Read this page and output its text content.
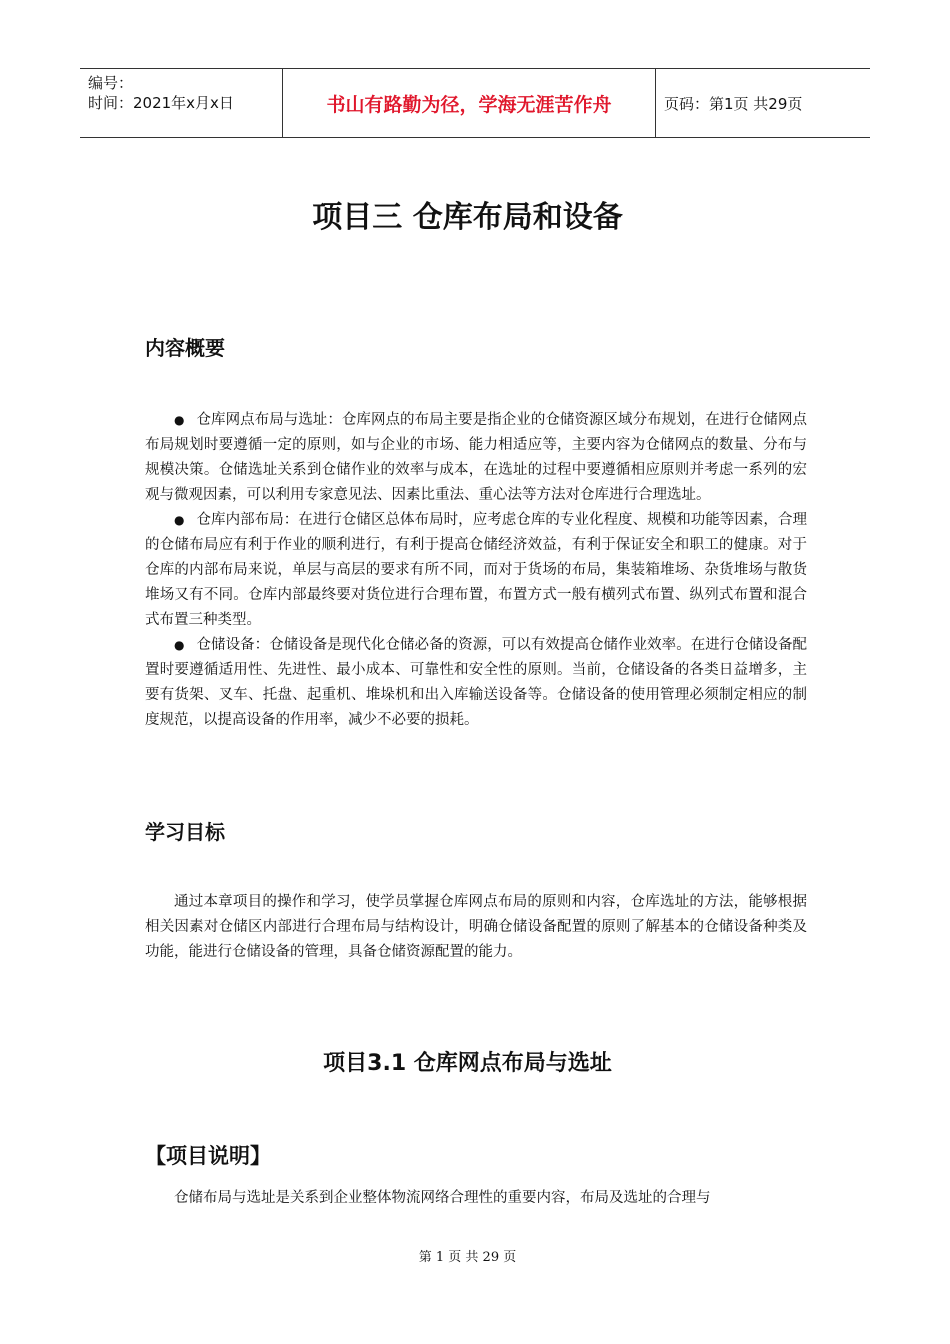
编号：
时间：2021年x月x日	书山有路勤为径，学海无涯苦作舟	页码：第1页 共29页
项目三 仓库布局和设备
内容概要

● 仓库网点布局与选址：仓库网点的布局主要是指企业的仓储资源区域分布规划，在进行仓储网点布局规划时要遵循一定的原则，如与企业的市场、能力相适应等，主要内容为仓储网点的数量、分布与规模决策。仓储选址关系到仓储作业的效率与成本，在选址的过程中要遵循相应原则并考虑一系列的宏观与微观因素，可以利用专家意见法、因素比重法、重心法等方法对仓库进行合理选址。

● 仓库内部布局：在进行仓储区总体布局时，应考虑仓库的专业化程度、规模和功能等因素，合理的仓储布局应有利于作业的顺利进行，有利于提高仓储经济效益，有利于保证安全和职工的健康。对于仓库的内部布局来说，单层与高层的要求有所不同，而对于货场的布局，集装箱堆场、杂货堆场与散货堆场又有不同。仓库内部最终要对货位进行合理布置，布置方式一般有横列式布置、纵列式布置和混合式布置三种类型。

● 仓储设备：仓储设备是现代化仓储必备的资源，可以有效提高仓储作业效率。在进行仓储设备配置时要遵循适用性、先进性、最小成本、可靠性和安全性的原则。当前，仓储设备的各类日益增多，主要有货架、叉车、托盘、起重机、堆垛机和出入库输送设备等。仓储设备的使用管理必须制定相应的制度规范，以提高设备的作用率，减少不必要的损耗。

学习目标

通过本章项目的操作和学习，使学员掌握仓库网点布局的原则和内容，仓库选址的方法，能够根据相关因素对仓储区内部进行合理布局与结构设计，明确仓储设备配置的原则了解基本的仓储设备种类及功能，能进行仓储设备的管理，具备仓储资源配置的能力。

项目3.1 仓库网点布局与选址
【项目说明】

仓储布局与选址是关系到企业整体物流网络合理性的重要内容，布局及选址的合理与

第 1 页 共 29 页
